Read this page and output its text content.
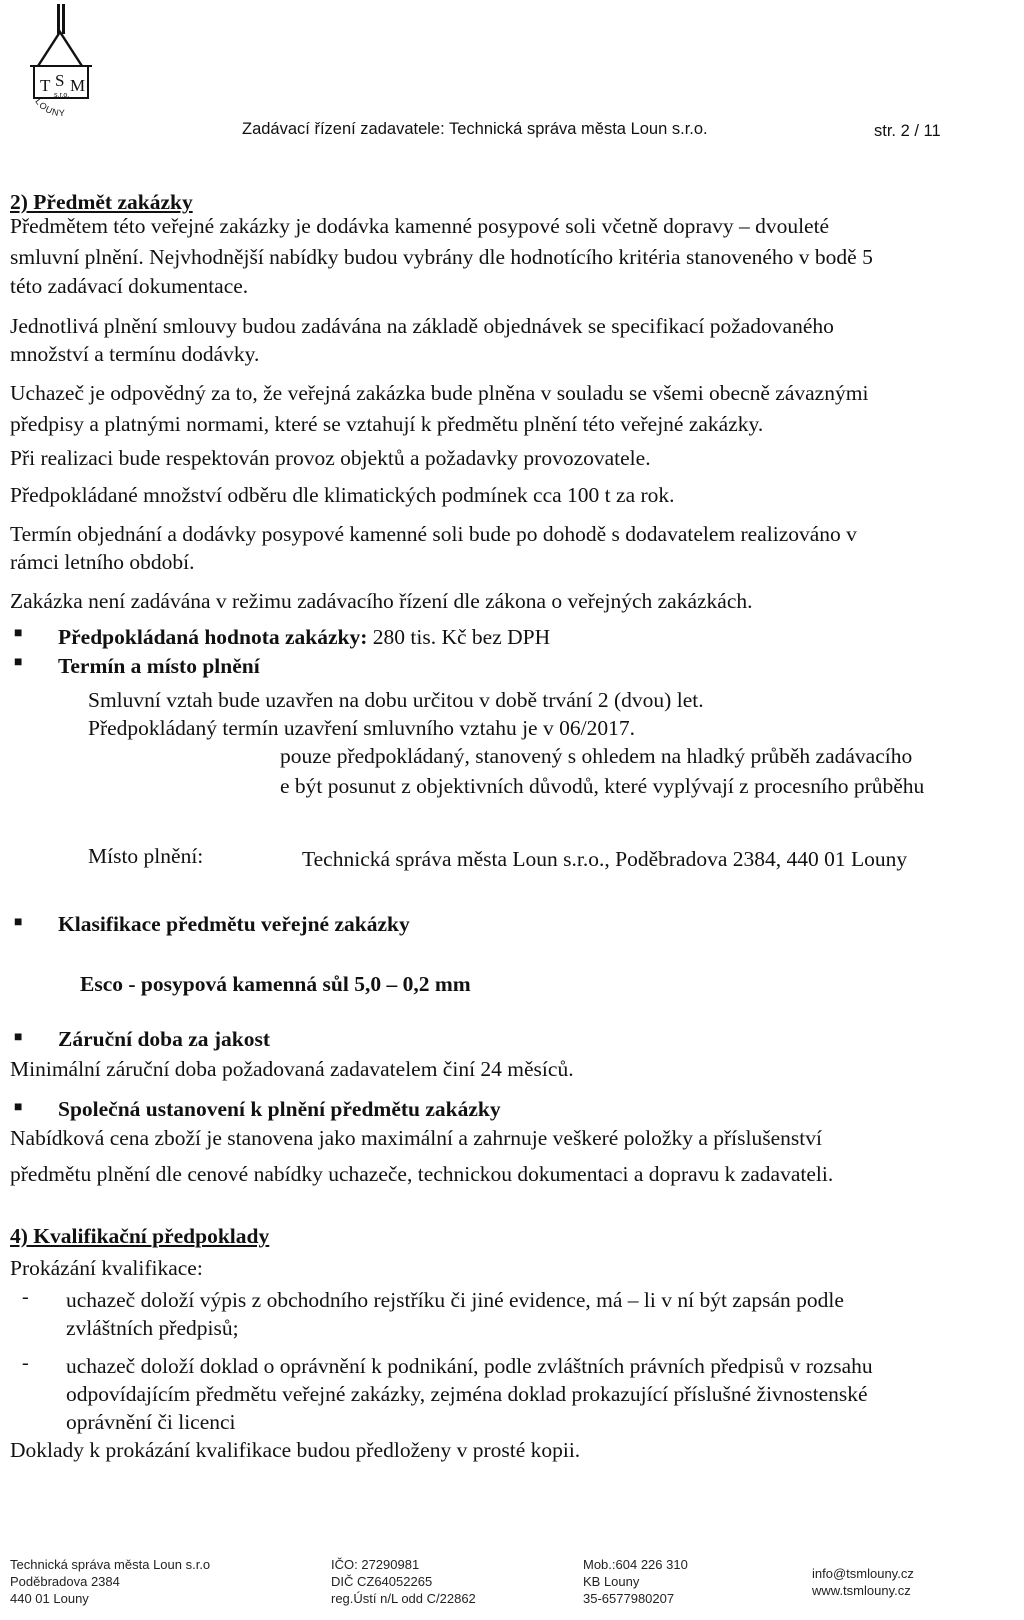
T S M
s.r.o.
LOUNY
Zadávací řízení zadavatele: Technická správa města Loun s.r.o.	str. 2 / 11
2) Předmět zakázky
Předmětem této veřejné zakázky je dodávka kamenné posypové soli včetně dopravy – dvouleté
smluvní plnění. Nejvhodnější nabídky budou vybrány dle hodnotícího kritéria stanoveného v bodě 5
této zadávací dokumentace.
Jednotlivá plnění smlouvy budou zadávána na základě objednávek se specifikací požadovaného
množství a termínu dodávky.
Uchazeč je odpovědný za to, že veřejná zakázka bude plněna v souladu se všemi obecně závaznými
předpisy a platnými normami, které se vztahují k předmětu plnění této veřejné zakázky.
Při realizaci bude respektován provoz objektů a požadavky provozovatele.
Předpokládané množství odběru dle klimatických podmínek cca 100 t za rok.
Termín objednání a dodávky posypové kamenné soli bude po dohodě s dodavatelem realizováno v
rámci letního období.
Zakázka není zadávána v režimu zadávacího řízení dle zákona o veřejných zakázkách.
■ Předpokládaná hodnota zakázky: 280 tis. Kč bez DPH
■ Termín a místo plnění
Smluvní vztah bude uzavřen na dobu určitou v době trvání 2 (dvou) let.
Předpokládaný termín uzavření smluvního vztahu je v 06/2017.
pouze předpokládaný, stanovený s ohledem na hladký průběh zadávacího
e být posunut z objektivních důvodů, které vyplývají z procesního průběhu
Místo plnění:	Technická správa města Loun s.r.o., Poděbradova 2384, 440 01 Louny
■ Klasifikace předmětu veřejné zakázky
Esco - posypová kamenná sůl 5,0 – 0,2 mm
■ Záruční doba za jakost
Minimální záruční doba požadovaná zadavatelem činí 24 měsíců.
■ Společná ustanovení k plnění předmětu zakázky
Nabídková cena zboží je stanovena jako maximální a zahrnuje veškeré položky a příslušenství
předmětu plnění dle cenové nabídky uchazeče, technickou dokumentaci a dopravu k zadavateli.
4) Kvalifikační předpoklady
Prokázání kvalifikace:
- uchazeč doloží výpis z obchodního rejstříku či jiné evidence, má – li v ní být zapsán podle
zvláštních předpisů;
- uchazeč doloží doklad o oprávnění k podnikání, podle zvláštních právních předpisů v rozsahu
odpovídajícím předmětu veřejné zakázky, zejména doklad prokazující příslušné živnostenské
oprávnění či licenci
Doklady k prokázání kvalifikace budou předloženy v prosté kopii.
Technická správa města Loun s.r.o
Poděbradova 2384
440 01 Louny
IČO: 27290981
DIČ CZ64052265
reg.Ústí n/L odd C/22862
Mob.:604 226 310
KB Louny
35-6577980207
info@tsmlouny.cz
www.tsmlouny.cz
